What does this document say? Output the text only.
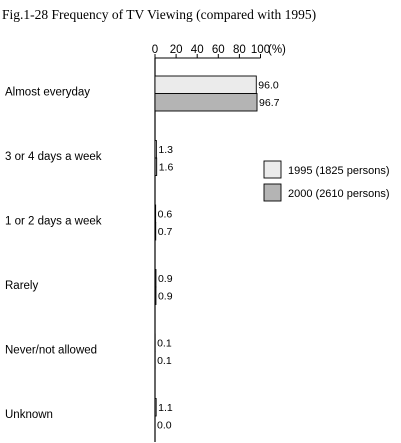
Fig.1-28 Frequency of TV Viewing (compared with 1995)
0 20 40 60 80 100
(%)
96.0
96.7
1.3
1.6
0.6
0.7
0.9
0.9
0.1
0.1
1.1
0.0
Almost everyday
3 or 4 days a week
1 or 2 days a week
Rarely
Never/not allowed
Unknown
1995 (1825 persons)
2000 (2610 persons)
